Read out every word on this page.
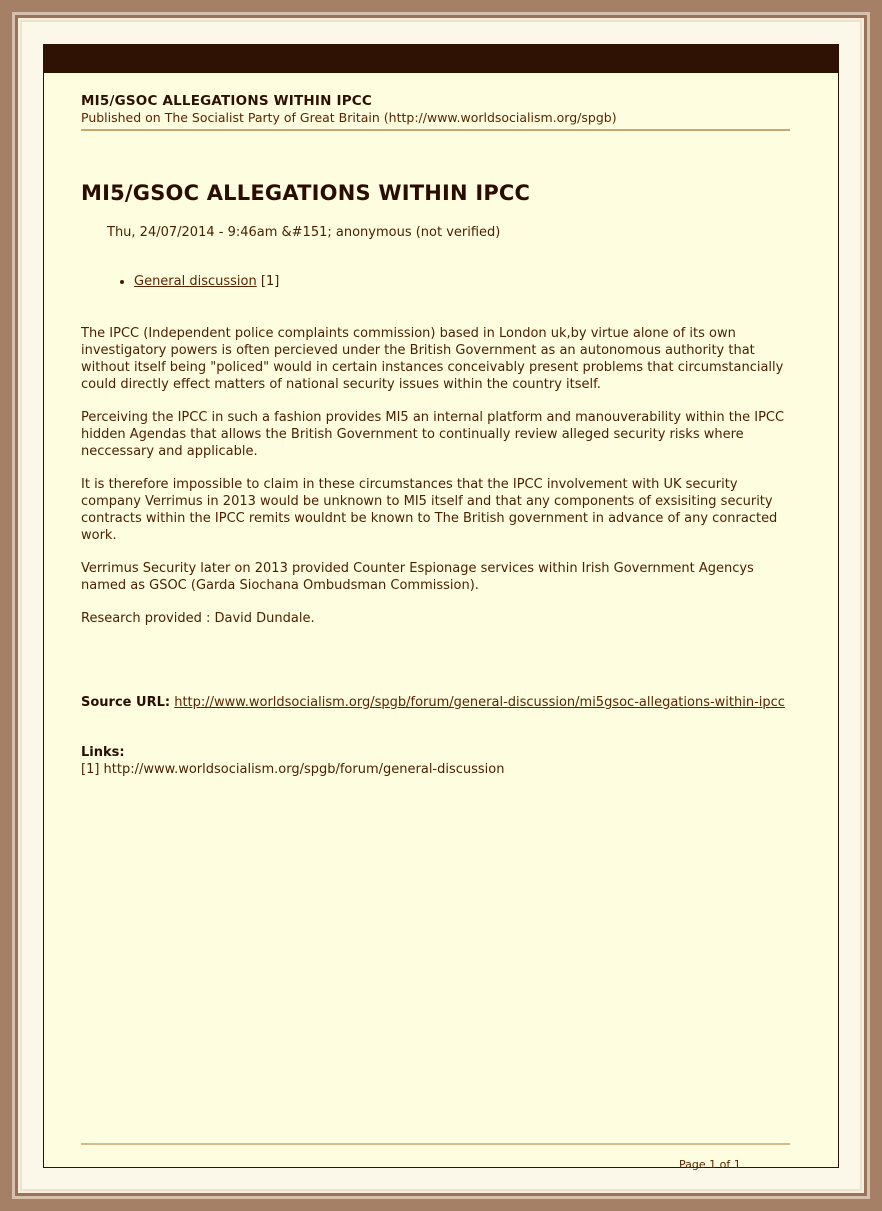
MI5/GSOC ALLEGATIONS WITHIN IPCC
Published on The Socialist Party of Great Britain (http://www.worldsocialism.org/spgb)
MI5/GSOC ALLEGATIONS WITHIN IPCC
Thu, 24/07/2014 - 9:46am &#151; anonymous (not verified)
• General discussion [1]

The IPCC (Independent police complaints commission) based in London uk,by virtue alone of its own investigatory powers is often percieved under the British Government as an autonomous authority that without itself being "policed" would in certain instances conceivably present problems that circumstancially could directly effect matters of national security issues within the country itself.

Perceiving the IPCC in such a fashion provides MI5 an internal platform and manouverability within the IPCC hidden Agendas that allows the British Government to continually review alleged security risks where neccessary and applicable.

It is therefore impossible to claim in these circumstances that the IPCC involvement with UK security company Verrimus in 2013 would be unknown to MI5 itself and that any components of exsisiting security contracts within the IPCC remits wouldnt be known to The British government in advance of any conracted work.

Verrimus Security later on 2013 provided Counter Espionage services within Irish Government Agencys named as GSOC (Garda Siochana Ombudsman Commission).

Research provided : David Dundale.

Source URL: http://www.worldsocialism.org/spgb/forum/general-discussion/mi5gsoc-allegations-within-ipcc
Links:
[1] http://www.worldsocialism.org/spgb/forum/general-discussion
Page 1 of 1
